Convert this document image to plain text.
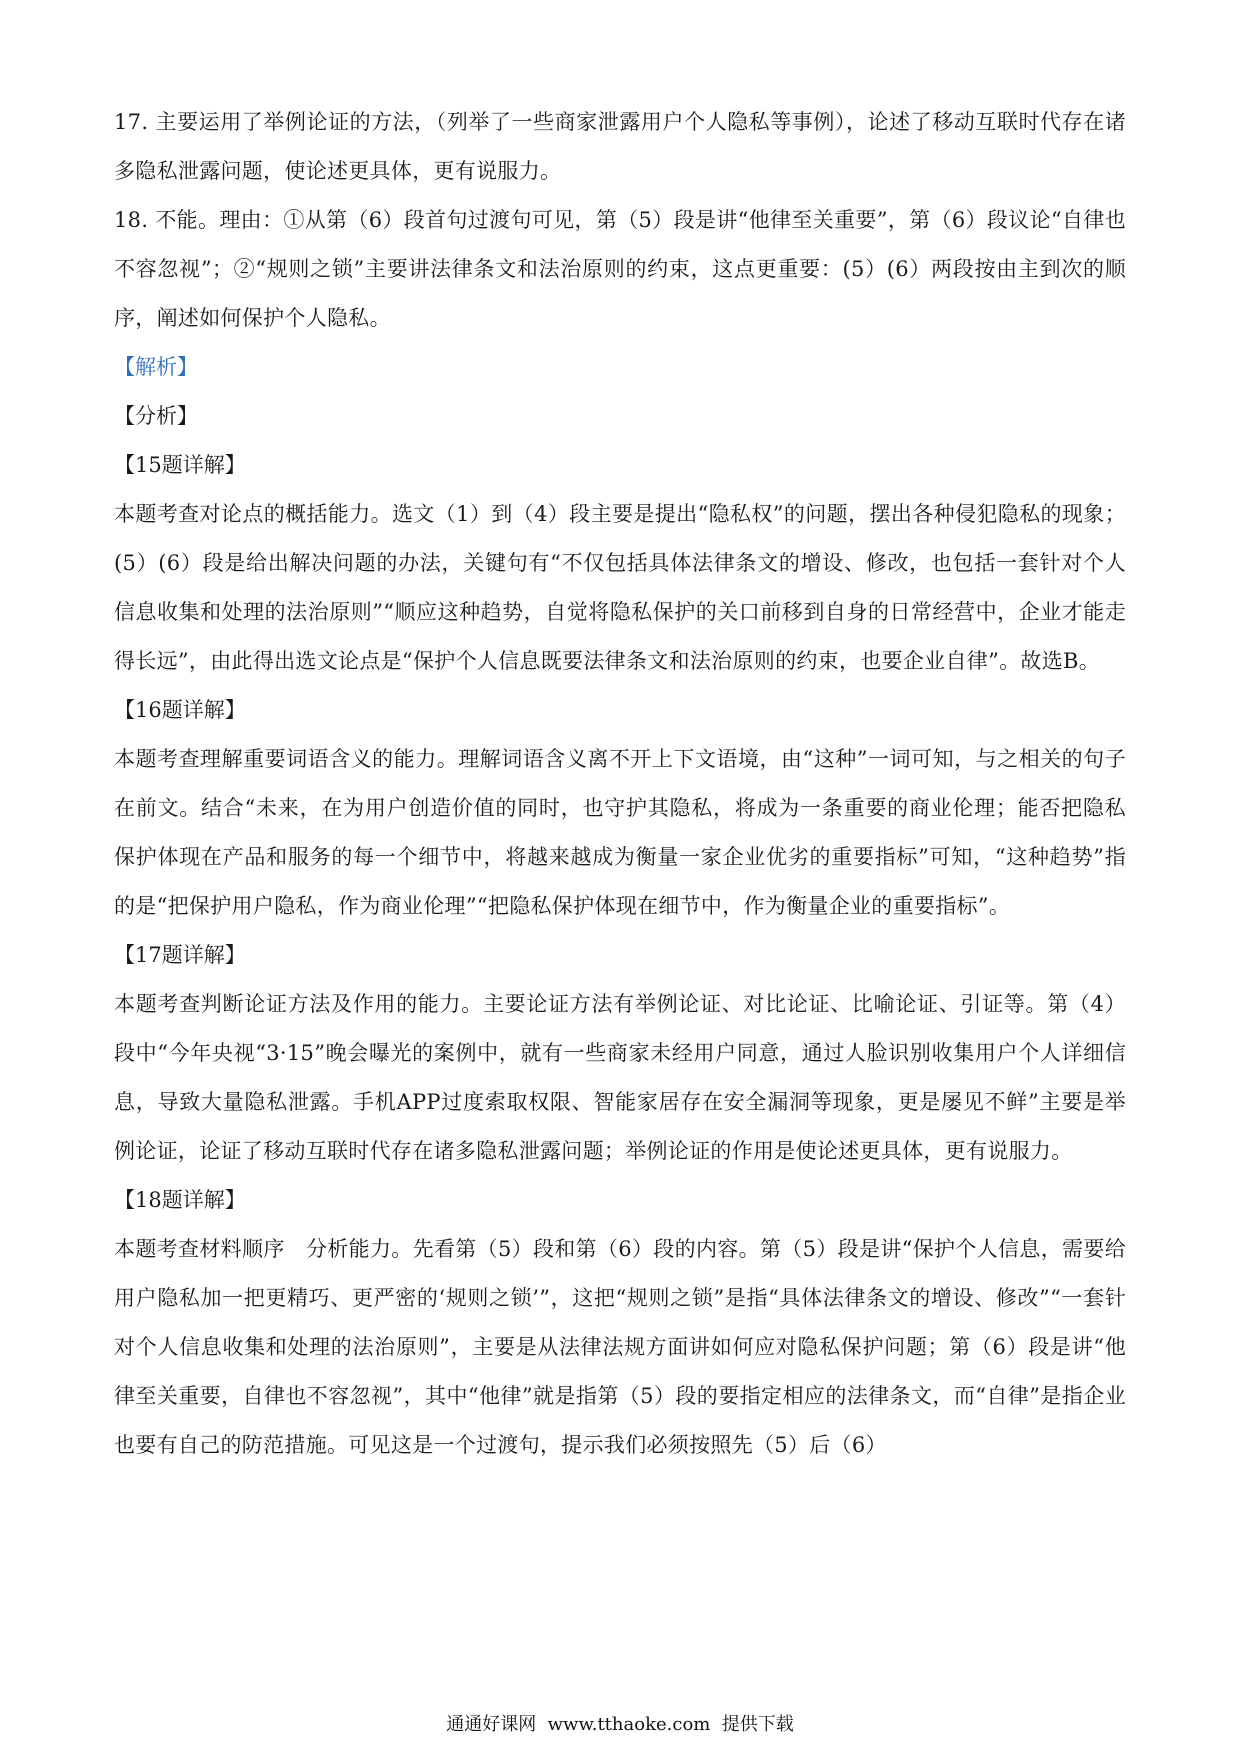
17. 主要运用了举例论证的方法，（列举了一些商家泄露用户个人隐私等事例），论述了移动互联时代存在诸多隐私泄露问题，使论述更具体，更有说服力。

18. 不能。理由：①从第（6）段首句过渡句可见，第（5）段是讲“他律至关重要”，第（6）段议论“自律也不容忽视”；②“规则之锁”主要讲法律条文和法治原则的约束，这点更重要：(5）(6）两段按由主到次的顺序，阐述如何保护个人隐私。

【解析】

【分析】

【15题详解】

本题考查对论点的概括能力。选文（1）到（4）段主要是提出“隐私权”的问题，摆出各种侵犯隐私的现象；(5）(6）段是给出解决问题的办法，关键句有“不仅包括具体法律条文的增设、修改，也包括一套针对个人信息收集和处理的法治原则”“顺应这种趋势，自觉将隐私保护的关口前移到自身的日常经营中，企业才能走得长远”，由此得出选文论点是“保护个人信息既要法律条文和法治原则的约束，也要企业自律”。故选B。

【16题详解】

本题考查理解重要词语含义的能力。理解词语含义离不开上下文语境，由“这种”一词可知，与之相关的句子在前文。结合“未来，在为用户创造价值的同时，也守护其隐私，将成为一条重要的商业伦理；能否把隐私保护体现在产品和服务的每一个细节中，将越来越成为衡量一家企业优劣的重要指标”可知，“这种趋势”指的是“把保护用户隐私，作为商业伦理”“把隐私保护体现在细节中，作为衡量企业的重要指标”。

【17题详解】

本题考查判断论证方法及作用的能力。主要论证方法有举例论证、对比论证、比喻论证、引证等。第（4）段中“今年央视“3·15”晚会曝光的案例中，就有一些商家未经用户同意，通过人脸识别收集用户个人详细信息，导致大量隐私泄露。手机APP过度索取权限、智能家居存在安全漏洞等现象，更是屡见不鲜”主要是举例论证，论证了移动互联时代存在诸多隐私泄露问题；举例论证的作用是使论述更具体，更有说服力。

【18题详解】

本题考查材料顺序　分析能力。先看第（5）段和第（6）段的内容。第（5）段是讲“保护个人信息，需要给用户隐私加一把更精巧、更严密的‘规则之锁’”，这把“规则之锁”是指“具体法律条文的增设、修改”“一套针对个人信息收集和处理的法治原则”，主要是从法律法规方面讲如何应对隐私保护问题；第（6）段是讲“他律至关重要，自律也不容忽视”，其中“他律”就是指第（5）段的要指定相应的法律条文，而“自律”是指企业也要有自己的防范措施。可见这是一个过渡句，提示我们必须按照先（5）后（6）

通通好课网  www.tthaoke.com  提供下载
